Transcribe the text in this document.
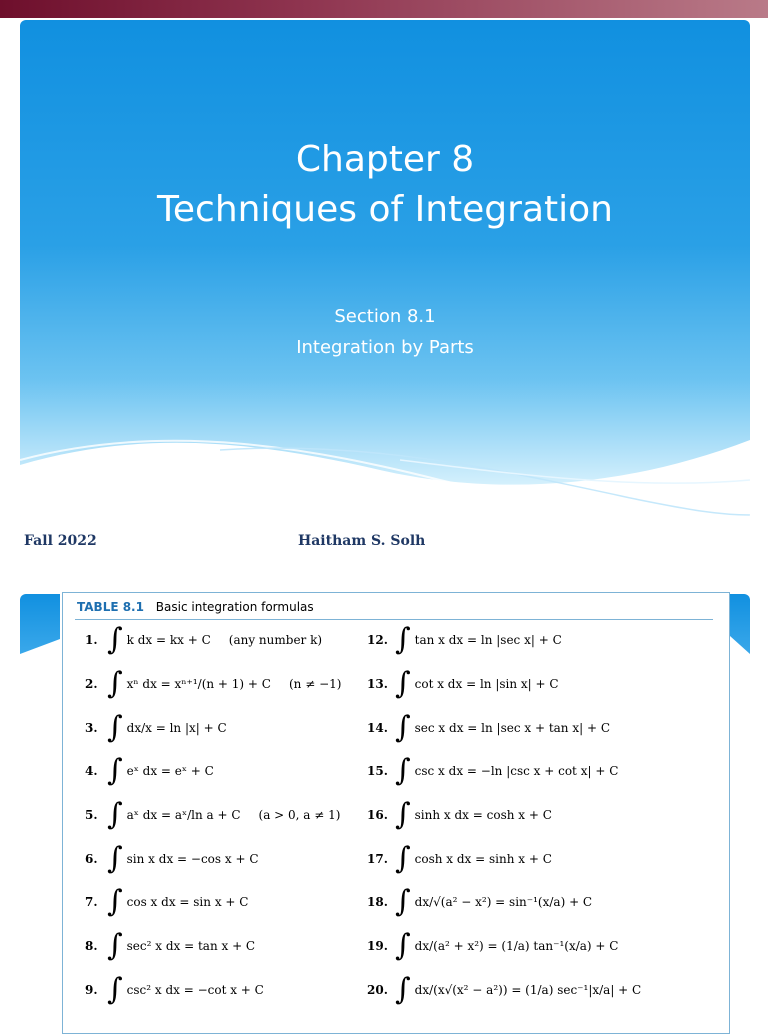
Chapter 8
Techniques of Integration
Section 8.1
Integration by Parts
Fall 2022	Haitham S. Solh
TABLE 8.1 Basic integration formulas
1. ∫ k dx = kx + C (any number k)
2. ∫ xⁿ dx = xⁿ⁺¹/(n + 1) + C (n ≠ −1)
3. ∫ dx/x = ln |x| + C
4. ∫ eˣ dx = eˣ + C
5. ∫ aˣ dx = aˣ/ln a + C (a > 0, a ≠ 1)
6. ∫ sin x dx = −cos x + C
7. ∫ cos x dx = sin x + C
8. ∫ sec² x dx = tan x + C
9. ∫ csc² x dx = −cot x + C
12. ∫ tan x dx = ln |sec x| + C
13. ∫ cot x dx = ln |sin x| + C
14. ∫ sec x dx = ln |sec x + tan x| + C
15. ∫ csc x dx = −ln |csc x + cot x| + C
16. ∫ sinh x dx = cosh x + C
17. ∫ cosh x dx = sinh x + C
18. ∫ dx/√(a² − x²) = sin⁻¹(x/a) + C
19. ∫ dx/(a² + x²) = (1/a) tan⁻¹(x/a) + C
20. ∫ dx/(x√(x² − a²)) = (1/a) sec⁻¹|x/a| + C
